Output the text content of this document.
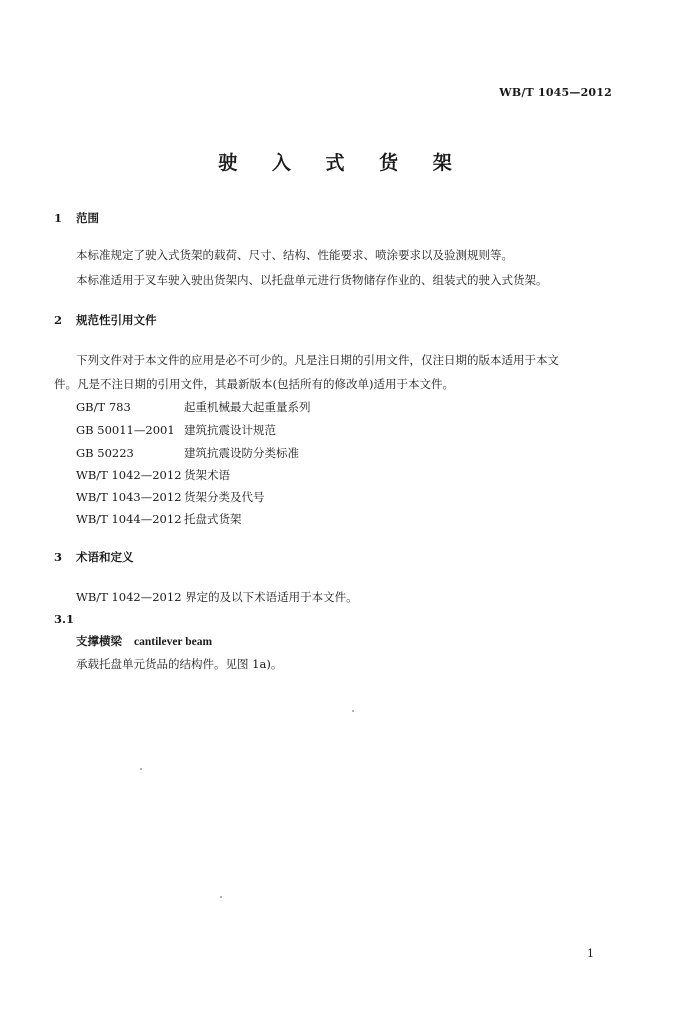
WB/T 1045—2012
驶 入 式 货 架
1 范围
本标准规定了驶入式货架的载荷、尺寸、结构、性能要求、喷涂要求以及验测规则等。
本标准适用于叉车驶入驶出货架内、以托盘单元进行货物储存作业的、组装式的驶入式货架。
2 规范性引用文件
下列文件对于本文件的应用是必不可少的。凡是注日期的引用文件，仅注日期的版本适用于本文
件。凡是不注日期的引用文件，其最新版本(包括所有的修改单)适用于本文件。
GB/T 783	起重机械最大起重量系列
GB 50011—2001 建筑抗震设计规范
GB 50223	建筑抗震设防分类标准
WB/T 1042—2012 货架术语
WB/T 1043—2012 货架分类及代号
WB/T 1044—2012 托盘式货架
3 术语和定义
WB/T 1042—2012 界定的及以下术语适用于本文件。
3.1
支撑横梁 cantilever beam
承载托盘单元货品的结构件。见图 1a)。
1
